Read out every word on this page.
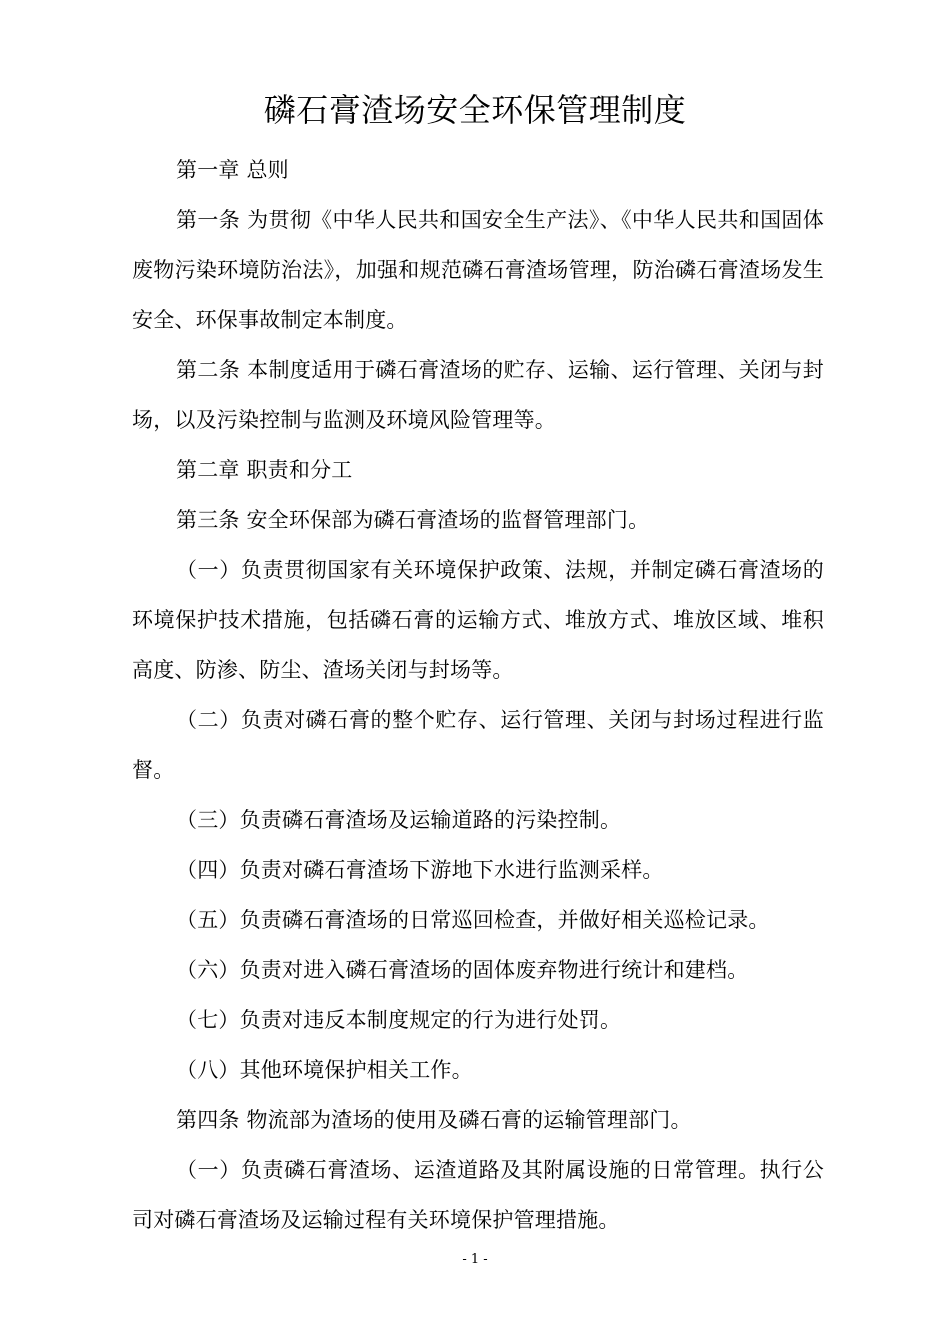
磷石膏渣场安全环保管理制度

第一章 总则

第一条 为贯彻《中华人民共和国安全生产法》、《中华人民共和国固体废物污染环境防治法》，加强和规范磷石膏渣场管理，防治磷石膏渣场发生安全、环保事故制定本制度。

第二条 本制度适用于磷石膏渣场的贮存、运输、运行管理、关闭与封场，以及污染控制与监测及环境风险管理等。

第二章 职责和分工

第三条 安全环保部为磷石膏渣场的监督管理部门。

（一）负责贯彻国家有关环境保护政策、法规，并制定磷石膏渣场的环境保护技术措施，包括磷石膏的运输方式、堆放方式、堆放区域、堆积高度、防渗、防尘、渣场关闭与封场等。

（二）负责对磷石膏的整个贮存、运行管理、关闭与封场过程进行监督。

（三）负责磷石膏渣场及运输道路的污染控制。

（四）负责对磷石膏渣场下游地下水进行监测采样。

（五）负责磷石膏渣场的日常巡回检查，并做好相关巡检记录。

（六）负责对进入磷石膏渣场的固体废弃物进行统计和建档。

（七）负责对违反本制度规定的行为进行处罚。

（八）其他环境保护相关工作。

第四条 物流部为渣场的使用及磷石膏的运输管理部门。

（一）负责磷石膏渣场、运渣道路及其附属设施的日常管理。执行公司对磷石膏渣场及运输过程有关环境保护管理措施。

- 1 -
